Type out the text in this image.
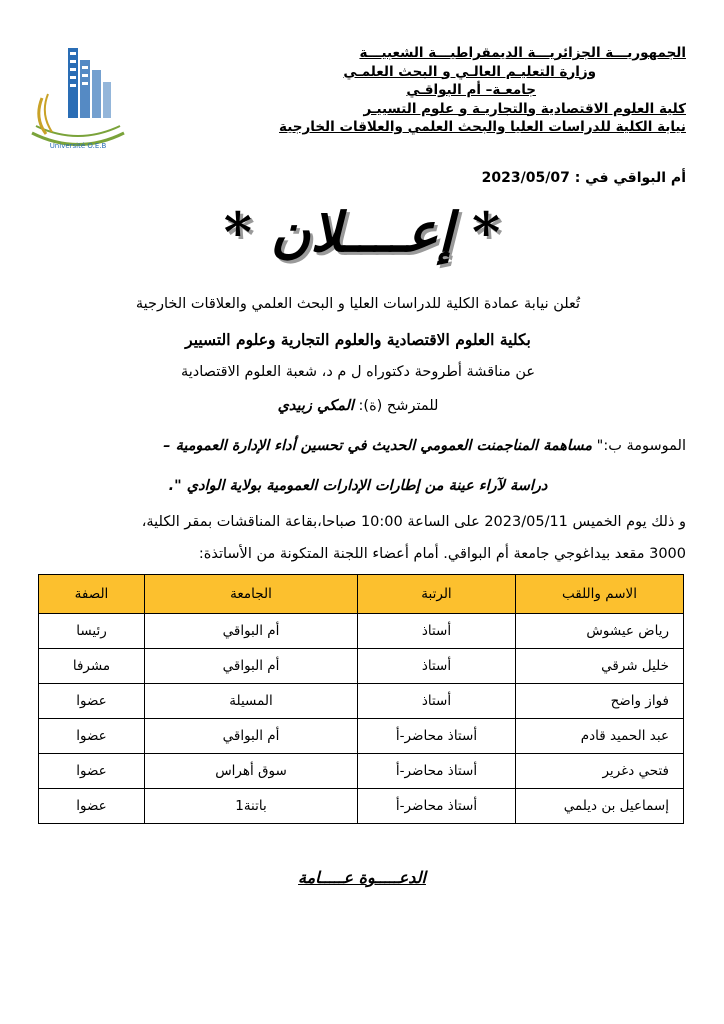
Université O.E.B
الجمهوريـــة الجزائريـــة الديمقراطيـــة الشعبيـــة
وزارة التعليـم العالـي و البحث العلمـي
جامعـة– أم البواقـي
كلية العلوم الاقتصادية والتجاريـة و علوم التسييـر
نيابة الكلية للدراسات العليا والبحث العلمي والعلاقات الخارجية
أم البواقي في : 2023/05/07
* إعــــلان *
تُعلن نيابة عمادة الكلية للدراسات العليا و البحث العلمي والعلاقات الخارجية
بكلية العلوم الاقتصادية والعلوم التجارية وعلوم التسيير
عن مناقشة أطروحة دكتوراه ل م د، شعبة العلوم الاقتصادية
للمترشح (ة): المكي زبيدي
الموسومة ب:" مساهمة المناجمنت العمومي الحديث في تحسين أداء الإدارة العمومية –
دراسة لآراء عينة من إطارات الإدارات العمومية بولاية الوادي ".
و ذلك يوم الخميس 2023/05/11 على الساعة 10:00 صباحا،بقاعة المناقشات بمقر الكلية،
3000 مقعد بيداغوجي جامعة أم البواقي. أمام أعضاء اللجنة المتكونة من الأساتذة:
الاسم واللقب	الرتبة	الجامعة	الصفة
رياض عيشوش	أستاذ	أم البواقي	رئيسا
خليل شرقي	أستاذ	أم البواقي	مشرفا
فواز واضح	أستاذ	المسيلة	عضوا
عبد الحميد قادم	أستاذ محاضر-أ	أم البواقي	عضوا
فتحي دغرير	أستاذ محاضر-أ	سوق أهراس	عضوا
إسماعيل بن ديلمي	أستاذ محاضر-أ	باتنة1	عضوا
الدعـــــوة عـــــامة
